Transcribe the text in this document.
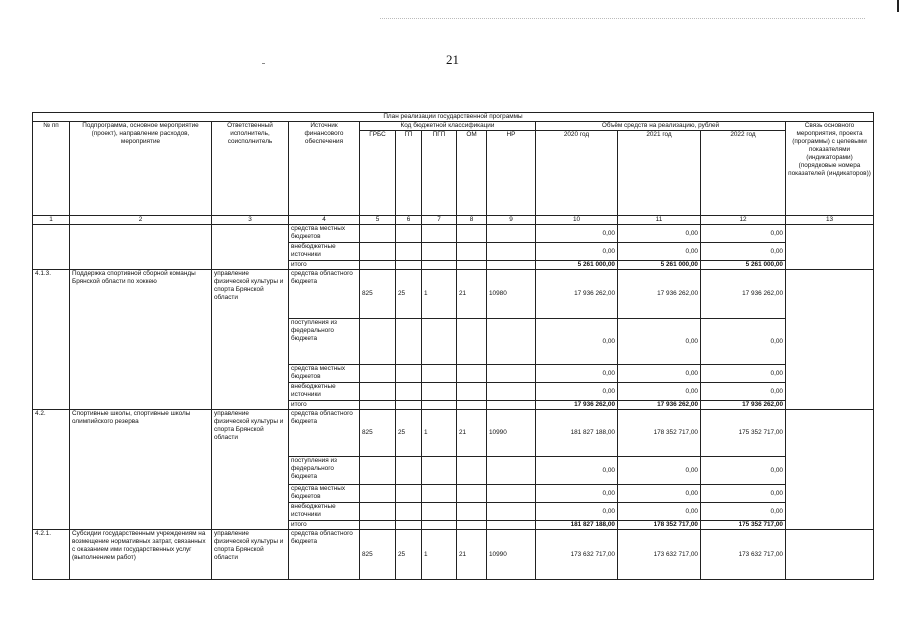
21
План реализации государственной программы												
№ пп	Подпрограмма, основное мероприятие (проект), направление расходов, мероприятие	Ответственный исполнитель, соисполнитель	Источник финансового обеспечения	Код бюджетной классификации					Объём средств на реализацию, рублей			Связь основного мероприятия, проекта (программы) с целевыми показателями (индикаторами) (порядковые номера показателей (индикаторов))
				ГРБС	ГП	ПГП	ОМ	НР	2020 год	2021 год	2022 год	
1	2	3	4	5	6	7	8	9	10	11	12	13
			средства местных бюджетов						0,00	0,00	0,00	
			внебюджетные источники						0,00	0,00	0,00	
			итого						5 261 000,00	5 261 000,00	5 261 000,00	
4.1.3.	Поддержка спортивной сборной команды Брянской области по хоккею	управление физической культуры и спорта Брянской области	средства областного бюджета	825	25	1	21	10980	17 936 262,00	17 936 262,00	17 936 262,00	
			поступления из федерального бюджета						0,00	0,00	0,00	
			средства местных бюджетов						0,00	0,00	0,00	
			внебюджетные источники						0,00	0,00	0,00	
			итого						17 936 262,00	17 936 262,00	17 936 262,00	
4.2.	Спортивные школы, спортивные школы олимпийского резерва	управление физической культуры и спорта Брянской области	средства областного бюджета	825	25	1	21	10990	181 827 188,00	178 352 717,00	175 352 717,00	
			поступления из федерального бюджета						0,00	0,00	0,00	
			средства местных бюджетов						0,00	0,00	0,00	
			внебюджетные источники						0,00	0,00	0,00	
			итого						181 827 188,00	178 352 717,00	175 352 717,00	
4.2.1.	Субсидии государственным учреждениям на возмещение нормативных затрат, связанных с оказанием ими государственных услуг (выполнением работ)	управление физической культуры и спорта Брянской области	средства областного бюджета	825	25	1	21	10990	173 632 717,00	173 632 717,00	173 632 717,00	
